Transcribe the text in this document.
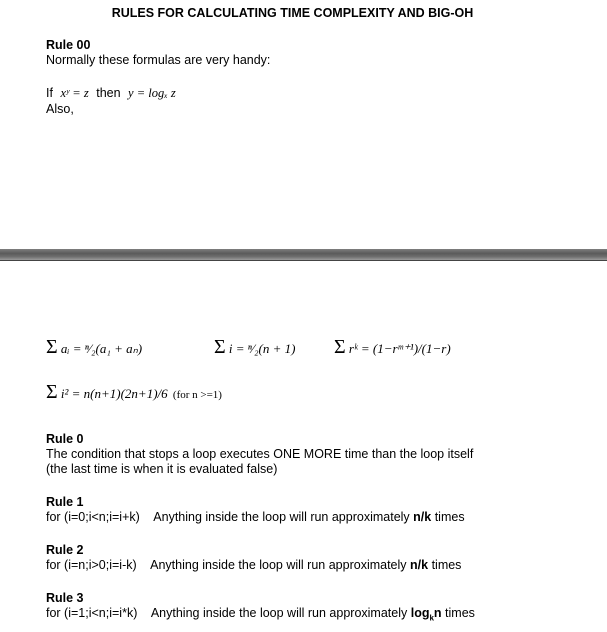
RULES FOR CALCULATING TIME COMPLEXITY AND BIG-OH
Rule 00
Normally these formulas are very handy:
If xʸ = z then y = logₓ z
Also,
Σ aᵢ = ⁿ⁄₂(a₁ + aₙ)	Σ i = ⁿ⁄₂(n + 1) Σ rᵏ = (1−rᵐ⁺¹)/(1−r)
Σ i² = n(n+1)(2n+1)/6 (for n >=1)
Rule 0
The condition that stops a loop executes ONE MORE time than the loop itself
(the last time is when it is evaluated false)
Rule 1
for (i=0;i<n;i=i+k) Anything inside the loop will run approximately n/k times
Rule 2
for (i=n;i>0;i=i-k) Anything inside the loop will run approximately n/k times
Rule 3
for (i=1;i<n;i=i*k) Anything inside the loop will run approximately $\log_kn$ times
